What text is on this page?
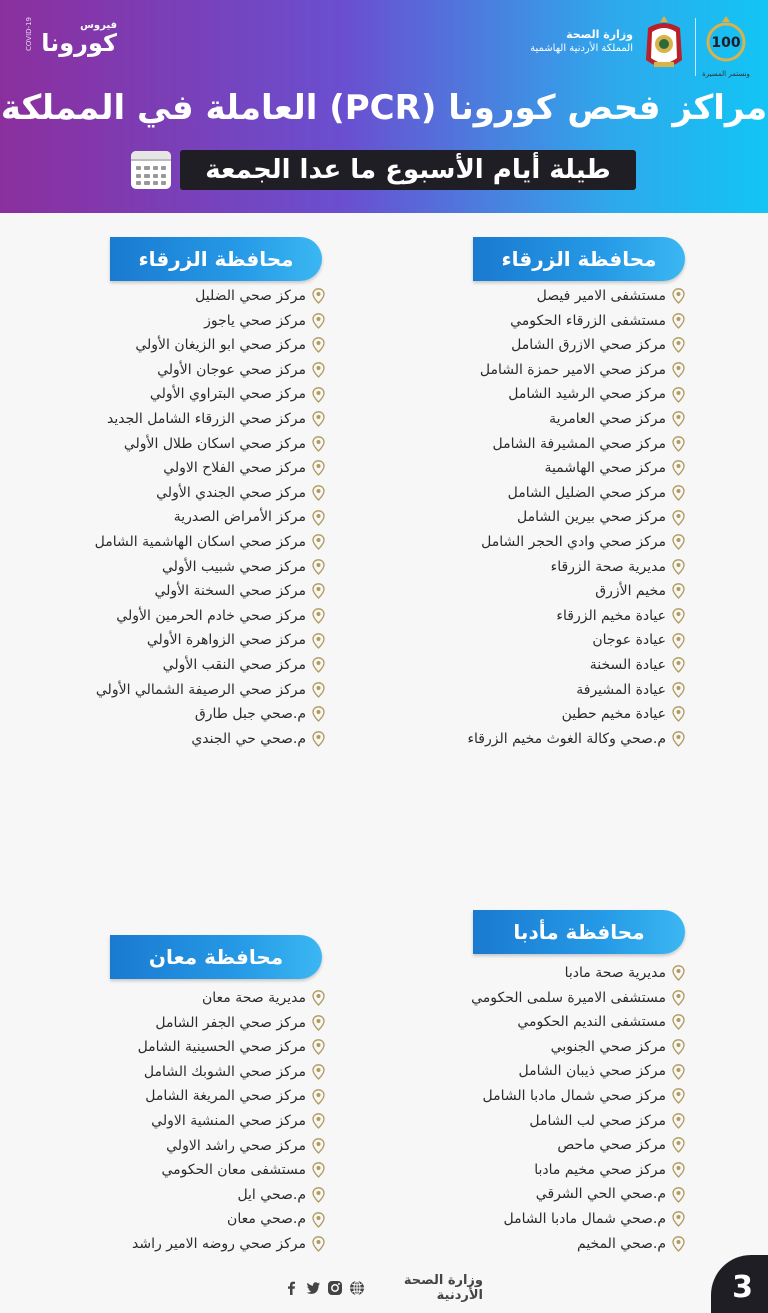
فيروس
كورونا
COVID-19	وزارة الصحة
المملكة الأردنية الهاشمية	100
ونستمر المسيرة
مراكز فحص كورونا (PCR) العاملة في المملكة
طيلة أيام الأسبوع ما عدا الجمعة
محافظة الزرقاء
مستشفى الامير فيصل
مستشفى الزرقاء الحكومي
مركز صحي الازرق الشامل
مركز صحي الامير حمزة الشامل
مركز صحي الرشيد الشامل
مركز صحي العامرية
مركز صحي المشيرفة الشامل
مركز صحي الهاشمية
مركز صحي الضليل الشامل
مركز صحي بيرين الشامل
مركز صحي وادي الحجر الشامل
مديرية صحة الزرقاء
مخيم الأزرق
عيادة مخيم الزرقاء
عيادة عوجان
عيادة السخنة
عيادة المشيرفة
عيادة مخيم حطين
م.صحي وكالة الغوث مخيم الزرقاء
محافظة الزرقاء
مركز صحي الضليل
مركز صحي ياجوز
مركز صحي ابو الزيغان الأولي
مركز صحي عوجان الأولي
مركز صحي البتراوي الأولي
مركز صحي الزرقاء الشامل الجديد
مركز صحي اسكان طلال الأولي
مركز صحي الفلاح الاولي
مركز صحي الجندي الأولي
مركز الأمراض الصدرية
مركز صحي اسكان الهاشمية الشامل
مركز صحي شبيب الأولي
مركز صحي السخنة الأولي
مركز صحي خادم الحرمين الأولي
مركز صحي الزواهرة الأولي
مركز صحي النقب الأولي
مركز صحي الرصيفة الشمالي الأولي
م.صحي جبل طارق
م.صحي حي الجندي
محافظة مأدبا
مديرية صحة مادبا
مستشفى الاميرة سلمى الحكومي
مستشفى النديم الحكومي
مركز صحي الجنوبي
مركز صحي ذيبان الشامل
مركز صحي شمال مادبا الشامل
مركز صحي لب الشامل
مركز صحي ماحص
مركز صحي مخيم مادبا
م.صحي الحي الشرقي
م.صحي شمال مادبا الشامل
م.صحي المخيم
محافظة معان
مديرية صحة معان
مركز صحي الجفر الشامل
مركز صحي الحسينية الشامل
مركز صحي الشوبك الشامل
مركز صحي المريغة الشامل
مركز صحي المنشية الاولي
مركز صحي راشد الاولي
مستشفى معان الحكومي
م.صحي ايل
م.صحي معان
مركز صحي روضه الامير راشد
وزارة الصحة الأردنية	3
